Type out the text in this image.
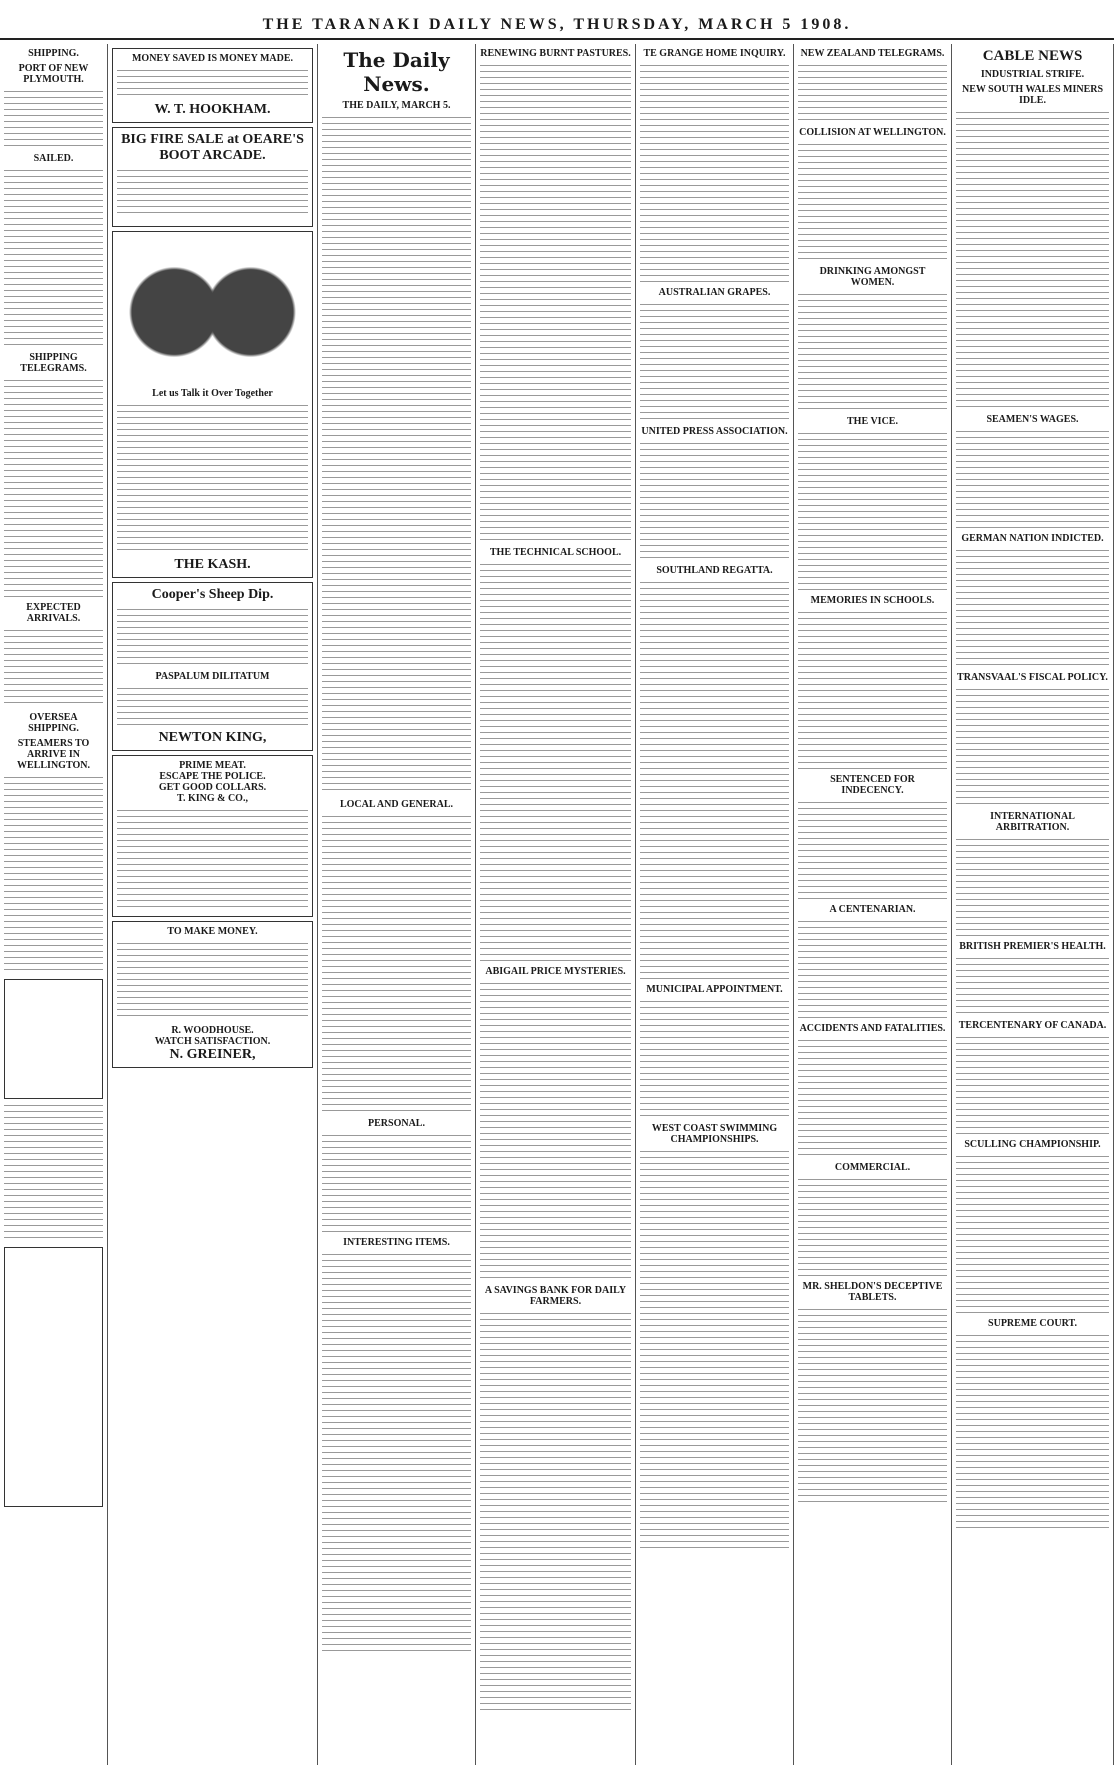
THE TARANAKI DAILY NEWS, THURSDAY, MARCH 5 1908.
SHIPPING.
PORT OF NEW PLYMOUTH.
SAILED.
SHIPPING TELEGRAMS.
EXPECTED ARRIVALS.
OVERSEA SHIPPING.
STEAMERS TO ARRIVE IN WELLINGTON.
MONEY SAVED IS MONEY MADE.
W. T. HOOKHAM.
BIG FIRE SALE at OEARE'S BOOT ARCADE.
Let us Talk it Over Together
THE KASH.
Cooper's Sheep Dip.
PASPALUM DILITATUM
NEWTON KING,
PRIME MEAT.
ESCAPE THE POLICE.
GET GOOD COLLARS.
T. KING & CO.,
TO MAKE MONEY.
R. WOODHOUSE.
WATCH SATISFACTION.
N. GREINER,
The Daily News.
THE DAILY, MARCH 5.
LOCAL AND GENERAL.
PERSONAL.
INTERESTING ITEMS.
RENEWING BURNT PASTURES.
THE TECHNICAL SCHOOL.
ABIGAIL PRICE MYSTERIES.
A SAVINGS BANK FOR DAILY FARMERS.
TE GRANGE HOME INQUIRY.
AUSTRALIAN GRAPES.
UNITED PRESS ASSOCIATION.
SOUTHLAND REGATTA.
MUNICIPAL APPOINTMENT.
WEST COAST SWIMMING CHAMPIONSHIPS.
NEW ZEALAND TELEGRAMS.
COLLISION AT WELLINGTON.
DRINKING AMONGST WOMEN.
THE VICE.
MEMORIES IN SCHOOLS.
SENTENCED FOR INDECENCY.
A CENTENARIAN.
ACCIDENTS AND FATALITIES.
COMMERCIAL.
MR. SHELDON'S DECEPTIVE TABLETS.
CABLE NEWS
INDUSTRIAL STRIFE.
NEW SOUTH WALES MINERS IDLE.
SEAMEN'S WAGES.
GERMAN NATION INDICTED.
TRANSVAAL'S FISCAL POLICY.
INTERNATIONAL ARBITRATION.
BRITISH PREMIER'S HEALTH.
TERCENTENARY OF CANADA.
SCULLING CHAMPIONSHIP.
SUPREME COURT.
